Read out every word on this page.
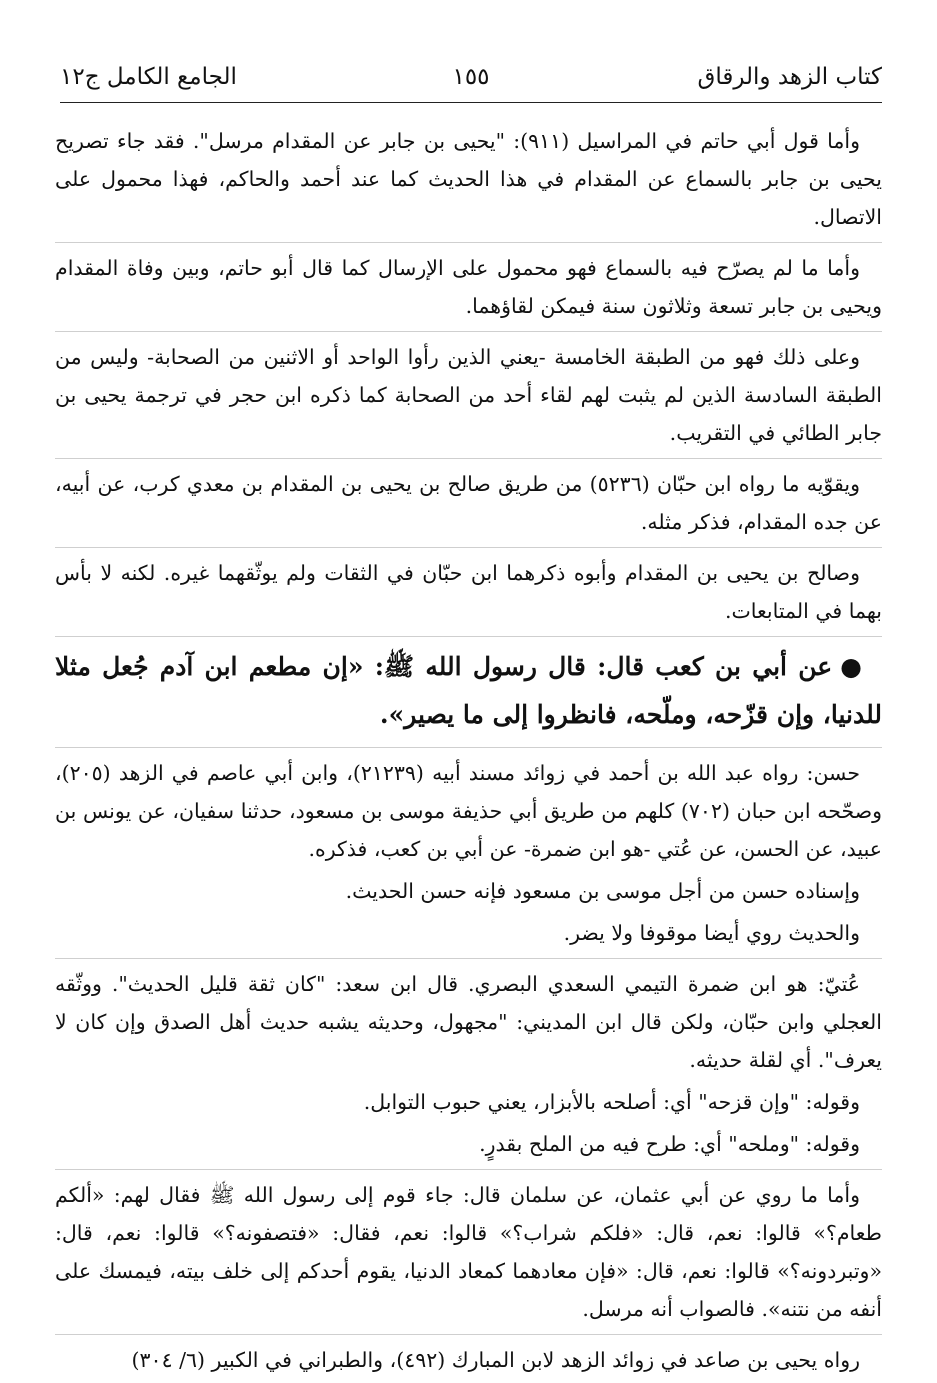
كتاب الزهد والرقاق
١٥٥
الجامع الكامل ج١٢

وأما قول أبي حاتم في المراسيل (٩١١): "يحيى بن جابر عن المقدام مرسل". فقد جاء تصريح يحيى بن جابر بالسماع عن المقدام في هذا الحديث كما عند أحمد والحاكم، فهذا محمول على الاتصال.

وأما ما لم يصرّح فيه بالسماع فهو محمول على الإرسال كما قال أبو حاتم، وبين وفاة المقدام ويحيى بن جابر تسعة وثلاثون سنة فيمكن لقاؤهما.

وعلى ذلك فهو من الطبقة الخامسة -يعني الذين رأوا الواحد أو الاثنين من الصحابة- وليس من الطبقة السادسة الذين لم يثبت لهم لقاء أحد من الصحابة كما ذكره ابن حجر في ترجمة يحيى بن جابر الطائي في التقريب.

ويقوّيه ما رواه ابن حبّان (٥٢٣٦) من طريق صالح بن يحيى بن المقدام بن معدي كرب، عن أبيه، عن جده المقدام، فذكر مثله.

وصالح بن يحيى بن المقدام وأبوه ذكرهما ابن حبّان في الثقات ولم يوثّقهما غيره. لكنه لا بأس بهما في المتابعات.

●عن أبي بن كعب قال: قال رسول الله ﷺ: «إن مطعم ابن آدم جُعل مثلا للدنيا، وإن قزّحه، وملّحه، فانظروا إلى ما يصير».

حسن: رواه عبد الله بن أحمد في زوائد مسند أبيه (٢١٢٣٩)، وابن أبي عاصم في الزهد (٢٠٥)، وصحّحه ابن حبان (٧٠٢) كلهم من طريق أبي حذيفة موسى بن مسعود، حدثنا سفيان، عن يونس بن عبيد، عن الحسن، عن عُتي -هو ابن ضمرة- عن أبي بن كعب، فذكره.

وإسناده حسن من أجل موسى بن مسعود فإنه حسن الحديث.

والحديث روي أيضا موقوفا ولا يضر.

عُتيّ: هو ابن ضمرة التيمي السعدي البصري. قال ابن سعد: "كان ثقة قليل الحديث". ووثّقه العجلي وابن حبّان، ولكن قال ابن المديني: "مجهول، وحديثه يشبه حديث أهل الصدق وإن كان لا يعرف". أي لقلة حديثه.

وقوله: "وإن قزحه" أي: أصلحه بالأبزار، يعني حبوب التوابل.

وقوله: "وملحه" أي: طرح فيه من الملح بقدرٍ.

وأما ما روي عن أبي عثمان، عن سلمان قال: جاء قوم إلى رسول الله ﷺ فقال لهم: «ألكم طعام؟» قالوا: نعم، قال: «فلكم شراب؟» قالوا: نعم، فقال: «فتصفونه؟» قالوا: نعم، قال: «وتبردونه؟» قالوا: نعم، قال: «فإن معادهما كمعاد الدنيا، يقوم أحدكم إلى خلف بيته، فيمسك على أنفه من نتنه». فالصواب أنه مرسل.

رواه يحيى بن صاعد في زوائد الزهد لابن المبارك (٤٩٢)، والطبراني في الكبير (٦/ ٣٠٤)
